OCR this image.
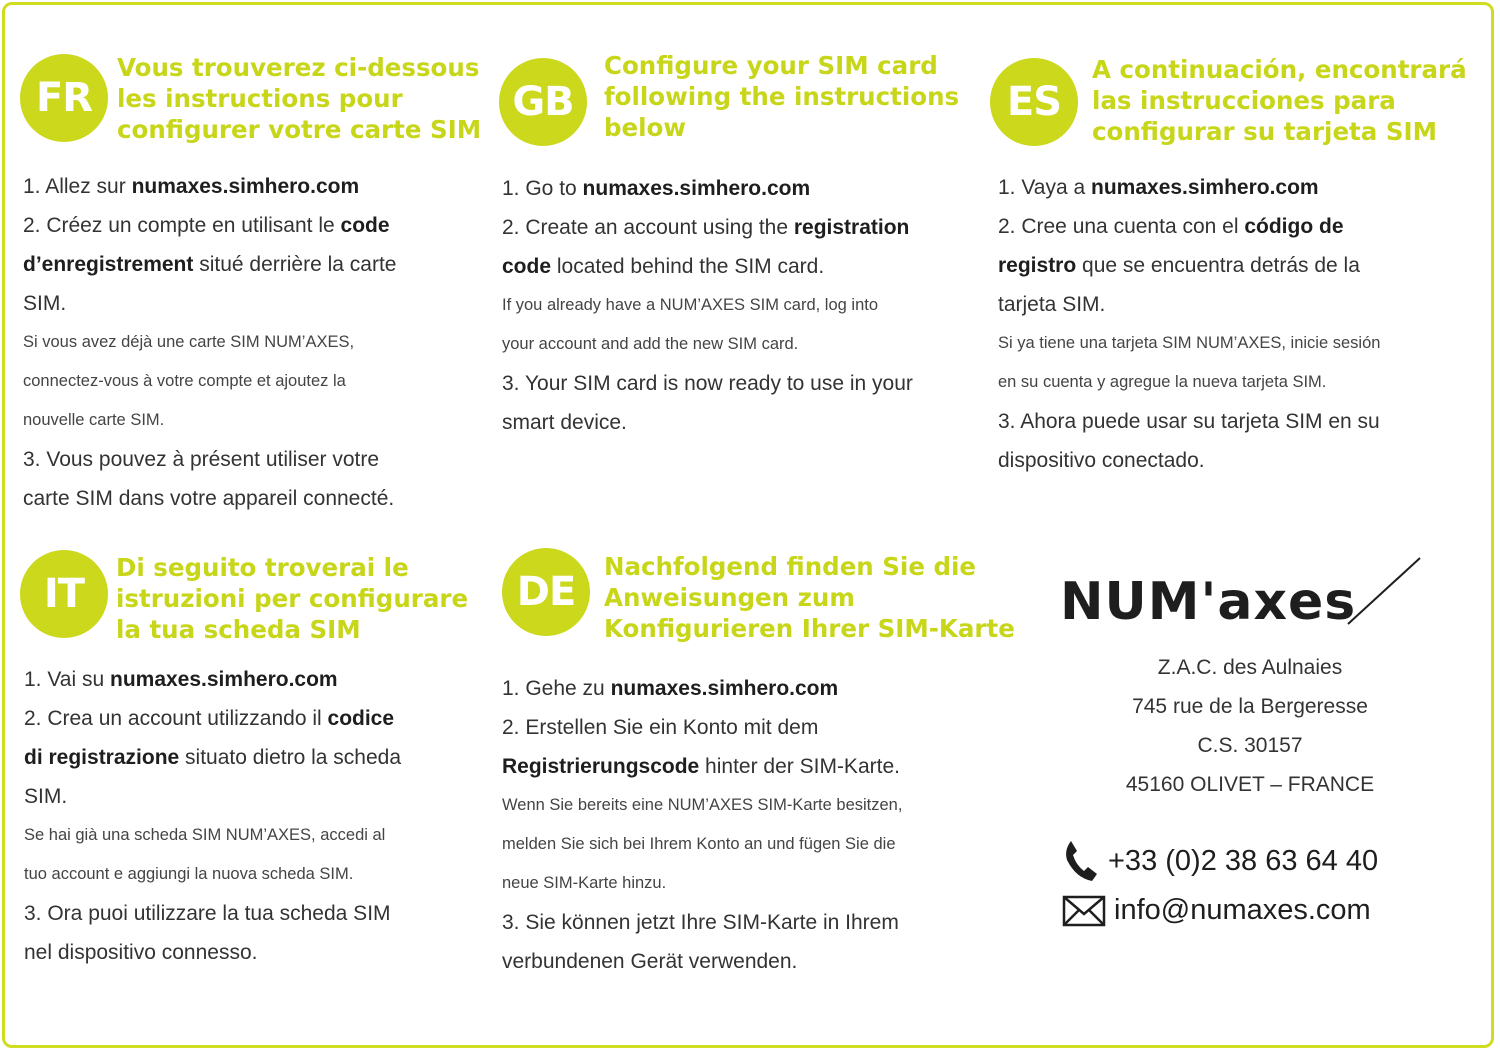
FR
Vous trouverez ci-dessous
les instructions pour
configurer votre carte SIM
1. Allez sur numaxes.simhero.com
2. Créez un compte en utilisant le code
d’enregistrement situé derrière la carte
SIM.
Si vous avez déjà une carte SIM NUM’AXES,
connectez-vous à votre compte et ajoutez la
nouvelle carte SIM.
3. Vous pouvez à présent utiliser votre
carte SIM dans votre appareil connecté.
GB
Configure your SIM card
following the instructions
below
1. Go to numaxes.simhero.com
2. Create an account using the registration
code located behind the SIM card.
If you already have a NUM’AXES SIM card, log into
your account and add the new SIM card.
3. Your SIM card is now ready to use in your
smart device.
ES
A continuación, encontrará
las instrucciones para
configurar su tarjeta SIM
1. Vaya a numaxes.simhero.com
2. Cree una cuenta con el código de
registro que se encuentra detrás de la
tarjeta SIM.
Si ya tiene una tarjeta SIM NUM’AXES, inicie sesión
en su cuenta y agregue la nueva tarjeta SIM.
3. Ahora puede usar su tarjeta SIM en su
dispositivo conectado.
IT
Di seguito troverai le
istruzioni per configurare
la tua scheda SIM
1. Vai su numaxes.simhero.com
2. Crea un account utilizzando il codice
di registrazione situato dietro la scheda
SIM.
Se hai già una scheda SIM NUM’AXES, accedi al
tuo account e aggiungi la nuova scheda SIM.
3. Ora puoi utilizzare la tua scheda SIM
nel dispositivo connesso.
DE
Nachfolgend finden Sie die
Anweisungen zum
Konfigurieren Ihrer SIM-Karte
1. Gehe zu numaxes.simhero.com
2. Erstellen Sie ein Konto mit dem
Registrierungscode hinter der SIM-Karte.
Wenn Sie bereits eine NUM’AXES SIM-Karte besitzen,
melden Sie sich bei Ihrem Konto an und fügen Sie die
neue SIM-Karte hinzu.
3. Sie können jetzt Ihre SIM-Karte in Ihrem
verbundenen Gerät verwenden.
NUM'axes
Z.A.C. des Aulnaies
745 rue de la Bergeresse
C.S. 30157
45160 OLIVET – FRANCE
+33 (0)2 38 63 64 40
info@numaxes.com
